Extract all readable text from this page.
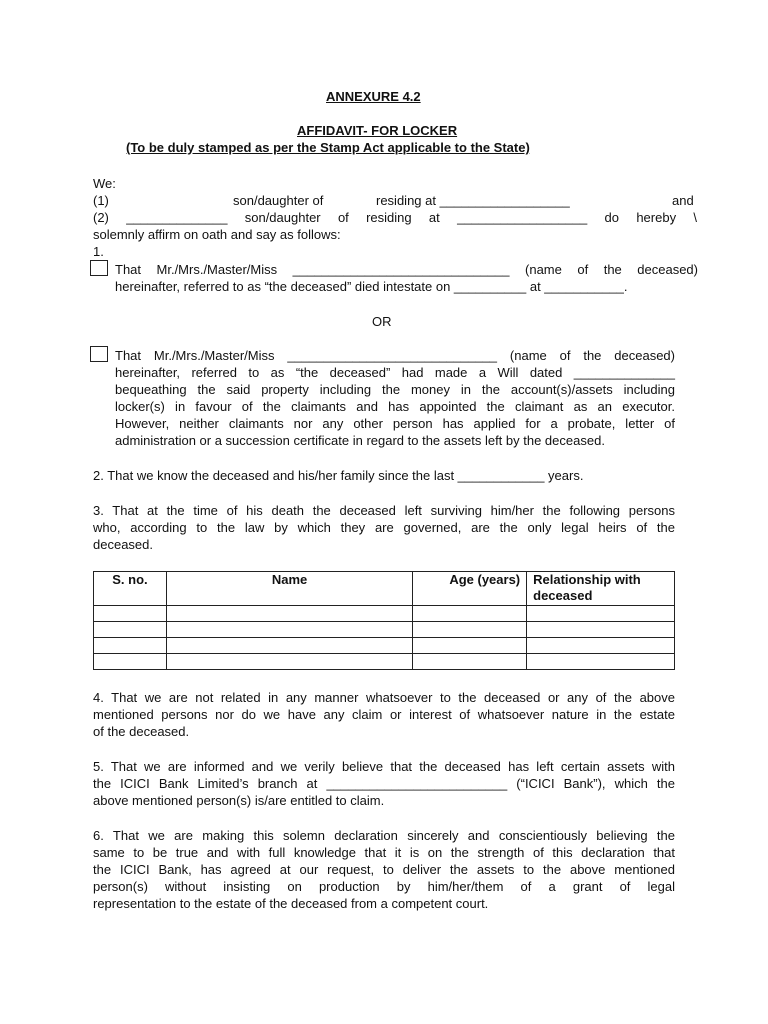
ANNEXURE 4.2
AFFIDAVIT- FOR LOCKER
(To be duly stamped as per the Stamp Act applicable to the State)
We:
(1)	son/daughter of	residing at __________________	and
(2) ______________ son/daughter of residing at __________________ do hereby \
solemnly affirm on oath and say as follows:
1.
That Mr./Mrs./Master/Miss ______________________________ (name of the deceased)
hereinafter, referred to as “the deceased” died intestate on __________ at ___________.
OR
That Mr./Mrs./Master/Miss _____________________________ (name of the deceased)
hereinafter, referred to as “the deceased” had made a Will dated ______________
bequeathing the said property including the money in the account(s)/assets including
locker(s) in favour of the claimants and has appointed the claimant as an executor.
However, neither claimants nor any other person has applied for a probate, letter of
administration or a succession certificate in regard to the assets left by the deceased.
2. That we know the deceased and his/her family since the last ____________ years.
3. That at the time of his death the deceased left surviving him/her the following persons
who, according to the law by which they are governed, are the only legal heirs of the
deceased.
S. no.	Name	Age (years)	Relationship with deceased

4. That we are not related in any manner whatsoever to the deceased or any of the above
mentioned persons nor do we have any claim or interest of whatsoever nature in the estate
of the deceased.
5. That we are informed and we verily believe that the deceased has left certain assets with
the ICICI Bank Limited’s branch at _________________________ (“ICICI Bank”), which the
above mentioned person(s) is/are entitled to claim.
6. That we are making this solemn declaration sincerely and conscientiously believing the
same to be true and with full knowledge that it is on the strength of this declaration that
the ICICI Bank, has agreed at our request, to deliver the assets to the above mentioned
person(s) without insisting on production by him/her/them of a grant of legal
representation to the estate of the deceased from a competent court.
